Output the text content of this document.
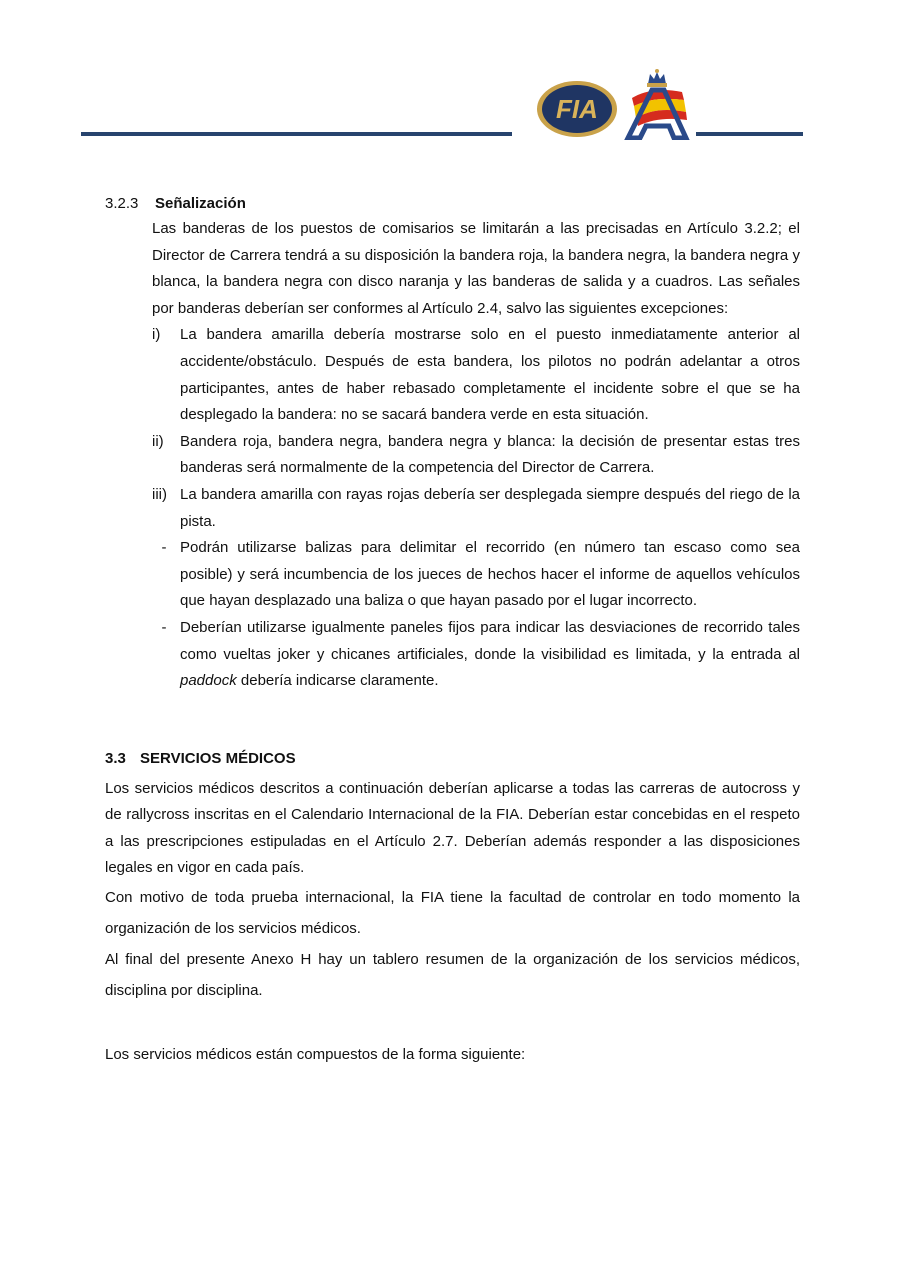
FIA
3.2.3 Señalización

Las banderas de los puestos de comisarios se limitarán a las precisadas en Artículo 3.2.2; el Director de Carrera tendrá a su disposición la bandera roja, la bandera negra, la bandera negra y blanca, la bandera negra con disco naranja y las banderas de salida y a cuadros. Las señales por banderas deberían ser conformes al Artículo 2.4, salvo las siguientes excepciones:

i)	La bandera amarilla debería mostrarse solo en el puesto inmediatamente anterior al accidente/obstáculo. Después de esta bandera, los pilotos no podrán adelantar a otros participantes, antes de haber rebasado completamente el incidente sobre el que se ha desplegado la bandera: no se sacará bandera verde en esta situación.
ii)	Bandera roja, bandera negra, bandera negra y blanca: la decisión de presentar estas tres banderas será normalmente de la competencia del Director de Carrera.
iii) La bandera amarilla con rayas rojas debería ser desplegada siempre después del riego de la pista.
- Podrán utilizarse balizas para delimitar el recorrido (en número tan escaso como sea posible) y será incumbencia de los jueces de hechos hacer el informe de aquellos vehículos que hayan desplazado una baliza o que hayan pasado por el lugar incorrecto.
- Deberían utilizarse igualmente paneles fijos para indicar las desviaciones de recorrido tales como vueltas joker y chicanes artificiales, donde la visibilidad es limitada, y la entrada al paddock debería indicarse claramente.
3.3 SERVICIOS MÉDICOS

Los servicios médicos descritos a continuación deberían aplicarse a todas las carreras de autocross y de rallycross inscritas en el Calendario Internacional de la FIA. Deberían estar concebidas en el respeto a las prescripciones estipuladas en el Artículo 2.7. Deberían además responder a las disposiciones legales en vigor en cada país.

Con motivo de toda prueba internacional, la FIA tiene la facultad de controlar en todo momento la organización de los servicios médicos.

Al final del presente Anexo H hay un tablero resumen de la organización de los servicios médicos, disciplina por disciplina.

Los servicios médicos están compuestos de la forma siguiente:
